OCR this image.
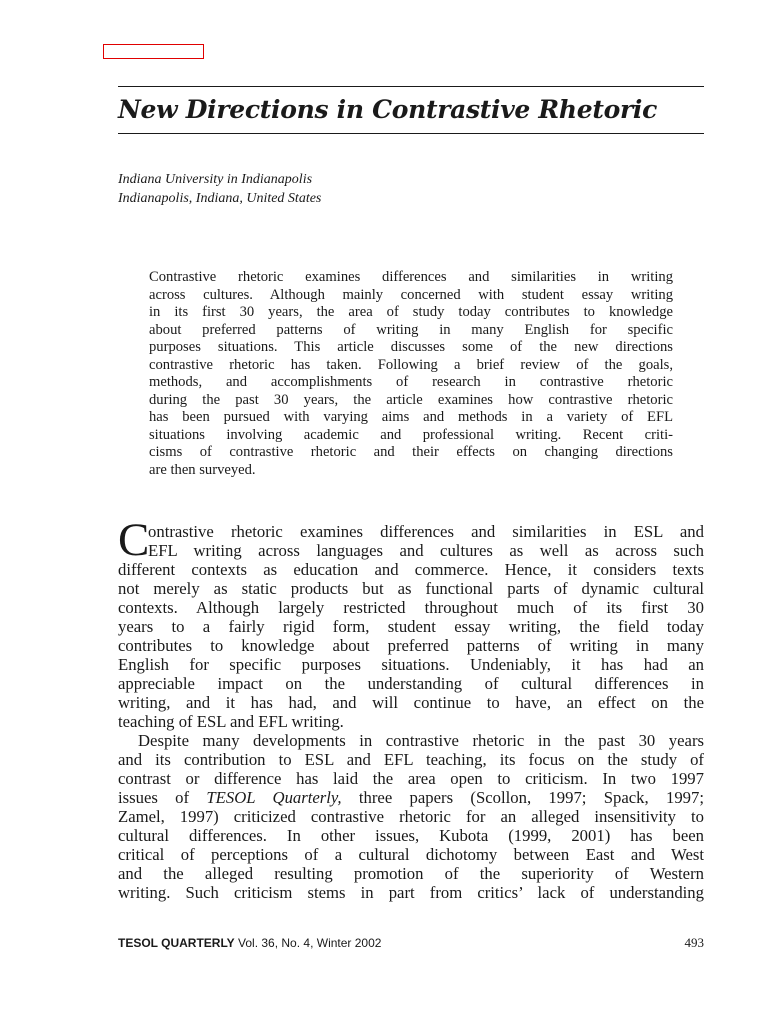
New Directions in Contrastive Rhetoric
Indiana University in Indianapolis
Indianapolis, Indiana, United States
Contrastive rhetoric examines differences and similarities in writing
across cultures. Although mainly concerned with student essay writing
in its first 30 years, the area of study today contributes to knowledge
about preferred patterns of writing in many English for specific
purposes situations. This article discusses some of the new directions
contrastive rhetoric has taken. Following a brief review of the goals,
methods, and accomplishments of research in contrastive rhetoric
during the past 30 years, the article examines how contrastive rhetoric
has been pursued with varying aims and methods in a variety of EFL
situations involving academic and professional writing. Recent criti-
cisms of contrastive rhetoric and their effects on changing directions
are then surveyed.
C
ontrastive rhetoric examines differences and similarities in ESL and
EFL writing across languages and cultures as well as across such
different contexts as education and commerce. Hence, it considers texts
not merely as static products but as functional parts of dynamic cultural
contexts. Although largely restricted throughout much of its first 30
years to a fairly rigid form, student essay writing, the field today
contributes to knowledge about preferred patterns of writing in many
English for specific purposes situations. Undeniably, it has had an
appreciable impact on the understanding of cultural differences in
writing, and it has had, and will continue to have, an effect on the
teaching of ESL and EFL writing.
Despite many developments in contrastive rhetoric in the past 30 years
and its contribution to ESL and EFL teaching, its focus on the study of
contrast or difference has laid the area open to criticism. In two 1997
issues of TESOL Quarterly, three papers (Scollon, 1997; Spack, 1997;
Zamel, 1997) criticized contrastive rhetoric for an alleged insensitivity to
cultural differences. In other issues, Kubota (1999, 2001) has been
critical of perceptions of a cultural dichotomy between East and West
and the alleged resulting promotion of the superiority of Western
writing. Such criticism stems in part from critics’ lack of understanding
TESOL QUARTERLY Vol. 36, No. 4, Winter 2002	493
